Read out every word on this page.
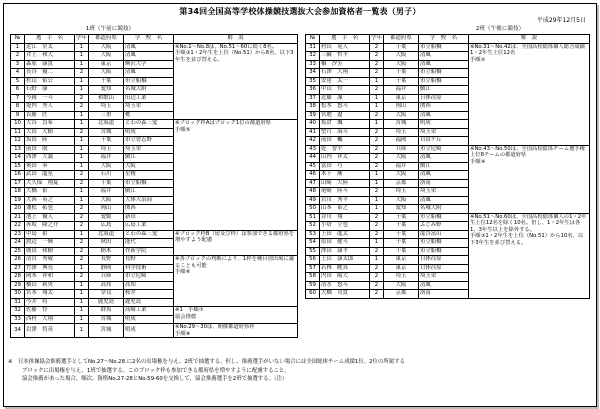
第34回全国高等学校体操競技選抜大会参加資格者一覧表（男子）
平成29年12月5日
1班（午前に競技）
№	選　手　名	学年	都道府県	学　校　名	解　説
1	近江　堂太	1	大阪	清風	※No.1～No.8は、No.51～60に続く8名。
手順③1・2年生を上位（No.51）から8名、以下3年生を並び替える。
2	井上　和大	1	大阪	清風	
3	森原　康貴	1	東京	駒沢大学	
4	長谷　優二	2	大阪	清風	
5	杉山　佑公	1	千葉	市立船橋	
6	石野　康	1	愛知	名城大附	
7	今岡　一斗	2	和歌山	田辺工業	
8	堤内　秀人	2	埼玉	埼玉栄	
9	首藤　匠	1	三重	桃	
10	大谷　直希	1	北海道	とわの森三愛	※ブロック枠Aはブロック1位の都道府県
手順⑤
11	大田　大樹	2	宮城	明成	
12	坂田　陸	1	千葉	市立習志野	
13	前田　航	1	埼玉	埼玉栄	
14	西澤　大誠	1	福井	鯖江	
15	奥田　奏	1	大阪	大阪	
16	武田　龍星	2	石川	星稜	
17	大久保　翔夏	2	千葉	市立船橋	
18	大橋　佑	1	福井	鯖江	
19	大西　英之	1	大阪	大体大浪商	
20	兼松　拓也	2	岡山	関西	
21	池上　優人	2	愛媛	新田	
22	赤坂　隆之介	2	広島	広島工業	
23	中島　佑	1	北海道	とわの森三愛	※ブロック枠B（留及び枠）は参加できる都府県を増やすよう配慮
24	渡辺　一輝	2	秋田	能代	
25	廣田　和樹	2	栃木	作新学院	
26	清宮　秀敬	2	長野	長野	※各ブロックの判断により、1枠を種目別出場に譲ることも可能
手順⑥
27	竹澤　典亮	1	静岡	科学技術	
28	岡本　祥和	2	兵庫	市立尼崎	
29	横山　莉央	1	高知	高知	
30	宮本　翔太	1	奈良	桜井	
31	今井　将	1	鹿児島	鹿児島	
32	佐藤　怜	1	群馬	高崎工業	※1　手順⑦
協会推薦
33	西村　大翔	1	宮城	明成	
34	岩澤　将英	1	宮城	明成	※No.29～30は、開催都道府県枠
手順⑧
2班（午後に競技）
№	選　手　名	学年	都道府県	学　校　名	解　説
31	村山　晃人	2	千葉	市立船橋	※No.31～No.42は、全国高校総体個人総合成績1・2年生上位12名
手順②
32	三輪　哲平	2	大阪	清風	
33	橋　汐芳	2	大阪	清風	
34	石澤　大翔	2	千葉	市立船橋	
35	安達　太一	1	千葉	市立船橋	
36	中山　怜	2	福井	鯖江	
37	近藤　凜	1	東京	日体荏原	
38	松本　悠斗	1	岡山	関西	
39	宮地　遼	2	大阪	清風	
40	坂倉　颯	1	宮城	明成	
41	望月　海斗	2	埼玉	埼玉栄	
42	前田　楓	2	福岡	自由ケ丘	
43	乾　智平	2	兵庫	市立尼崎	※No.43～No.50は、全国高校総体チーム選手権上位8チームの都道府県
手順④
44	山内　祥太	2	大阪	清風	
45	富田　巧	2	福井	鯖江	
46	木下　漸	1	大阪	清風	
47	山崎　大陸	1	京都	洛南	
48	尾崎　陸斗	2	埼玉	埼玉栄	
49	岩川　秀平	1	大阪	清風	
50	山本　泰之	1	愛知	名城大附	
51	谷川　翔	2	千葉	市立船橋	※No.51～No.60は、全国高校総体個人の1・2年生上位12名を除く10名。但し、1・2年生は各1、3年生以上を除外する。
手順③1・2年生を上位（No.51）から10名、以下3年生を並び替える。
52	小塔　立也	2	千葉	ふじみ野	
53	上田　龍太	2	千葉	龍谷富山	
54	原田　健斗	1	千葉	市立船橋	
55	澤田　康平	2	千葉	市立船橋	
56	上山　康太郎	1	東京	日体荏原	
57	若林　眺真	2	東京	日体荏原	
58	内田　陽大	2	埼玉	埼玉栄	
59	清水　悠斗	2	大阪	清風	
60	大橋　司貴	2	京都	洛南	
※　日本体操協会推薦選手としてNo.27～No.28.に2名の出場権を与え、2班で抽選する。但し、推薦選手がいない場合には全国総体チーム成績1位、2位の所属する
ブロックに出場権を与え、1班で抽選する。このブロック枠も参加できる都府県を増やすように配慮すること。
協会推薦があった場合、順次、資格No.27-28とNo.59-60を交換して、協会推薦選手を2班で抽選する。（注）
